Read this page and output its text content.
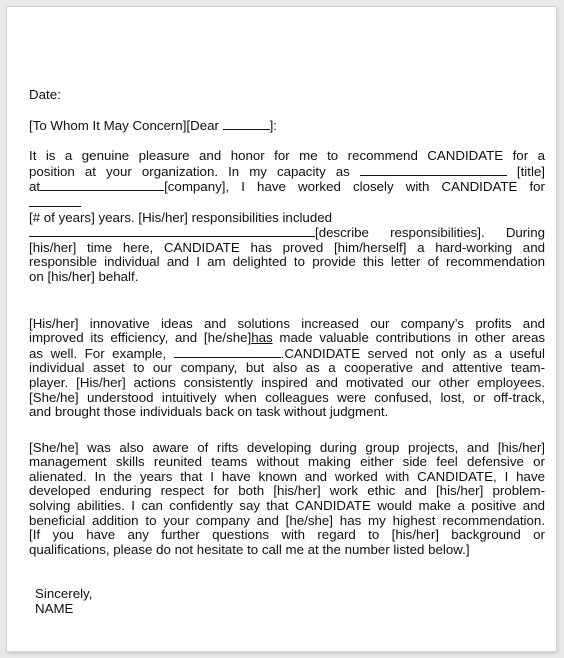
Date:

[To Whom It May Concern][Dear	]:

It is a genuine pleasure and honor for me to recommend CANDIDATE for a

position at your organization. In my capacity as	[title]

at	[company], I have worked closely with CANDIDATE for

[# of years] years. [His/her] responsibilities included

[describe responsibilities]. During

[his/her] time here, CANDIDATE has proved [him/herself] a hard-working and

responsible individual and I am delighted to provide this letter of recommendation

on [his/her] behalf.

[His/her] innovative ideas and solutions increased our company’s profits and

improved its efficiency, and [he/she]has made valuable contributions in other areas

as well. For example,	.CANDIDATE served not only as a useful

individual asset to our company, but also as a cooperative and attentive team-

player. [His/her] actions consistently inspired and motivated our other employees.

[She/he] understood intuitively when colleagues were confused, lost, or off-track,

and brought those individuals back on task without judgment.

[She/he] was also aware of rifts developing during group projects, and [his/her]

management skills reunited teams without making either side feel defensive or

alienated. In the years that I have known and worked with CANDIDATE, I have

developed enduring respect for both [his/her] work ethic and [his/her] problem-

solving abilities. I can confidently say that CANDIDATE would make a positive and

beneficial addition to your company and [he/she] has my highest recommendation.

[If you have any further questions with regard to [his/her] background or

qualifications, please do not hesitate to call me at the number listed below.]

Sincerely,

NAME
